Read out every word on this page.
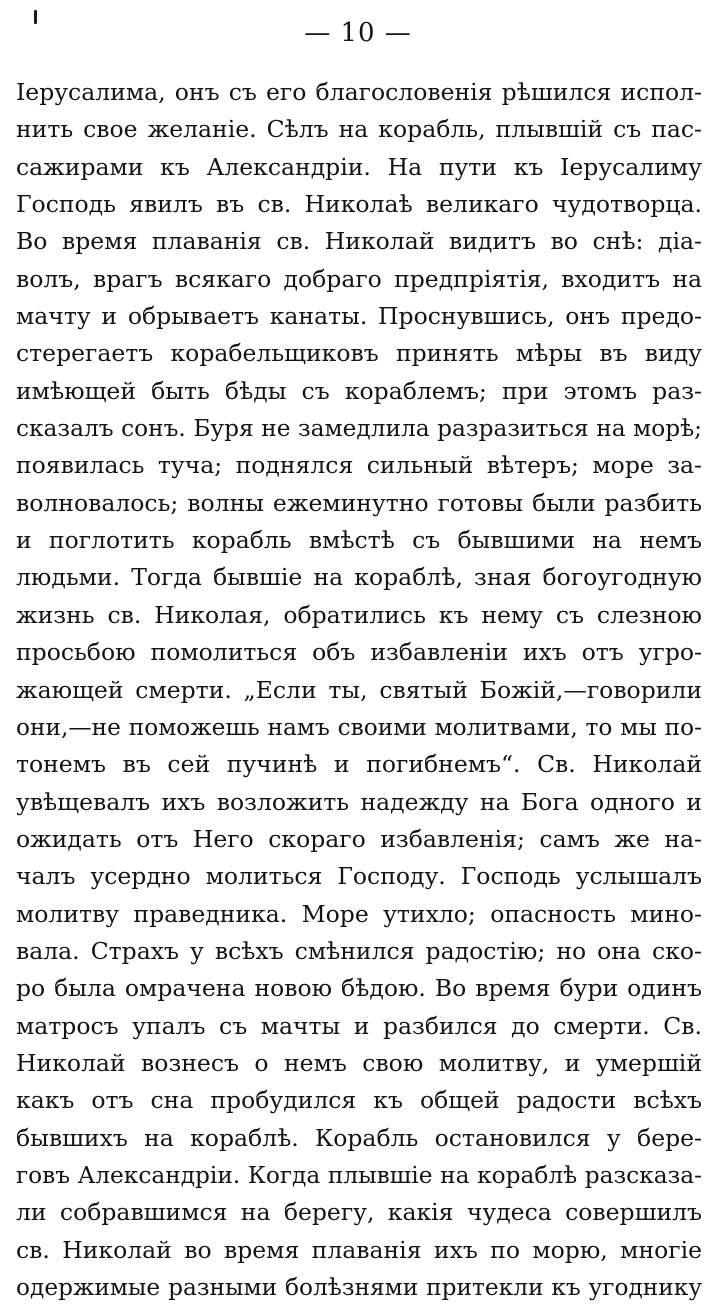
— 10 —
Іерусалима, онъ съ его благословенія рѣшился испол-
нить свое желаніе. Сѣлъ на корабль, плывшій съ пас-
сажирами къ Александріи. На пути къ Іерусалиму
Господь явилъ въ св. Николаѣ великаго чудотворца.
Во время плаванія св. Николай видитъ во снѣ: діа-
волъ, врагъ всякаго добраго предпріятія, входитъ на
мачту и обрываетъ канаты. Проснувшись, онъ предо-
стерегаетъ корабельщиковъ принять мѣры въ виду
имѣющей быть бѣды съ кораблемъ; при этомъ раз-
сказалъ сонъ. Буря не замедлила разразиться на морѣ;
появилась туча; поднялся сильный вѣтеръ; море за-
волновалось; волны ежеминутно готовы были разбить
и поглотить корабль вмѣстѣ съ бывшими на немъ
людьми. Тогда бывшіе на кораблѣ, зная богоугодную
жизнь св. Николая, обратились къ нему съ слезною
просьбою помолиться объ избавленіи ихъ отъ угро-
жающей смерти. „Если ты, святый Божій,—говорили
они,—не поможешь намъ своими молитвами, то мы по-
тонемъ въ сей пучинѣ и погибнемъ“. Св. Николай
увѣщевалъ ихъ возложить надежду на Бога одного и
ожидать отъ Него скораго избавленія; самъ же на-
чалъ усердно молиться Господу. Господь услышалъ
молитву праведника. Море утихло; опасность мино-
вала. Страхъ у всѣхъ смѣнился радостію; но она ско-
ро была омрачена новою бѣдою. Во время бури одинъ
матросъ упалъ съ мачты и разбился до смерти. Св.
Николай вознесъ о немъ свою молитву, и умершій
какъ отъ сна пробудился къ общей радости всѣхъ
бывшихъ на кораблѣ. Корабль остановился у бере-
говъ Александріи. Когда плывшіе на кораблѣ разсказа-
ли собравшимся на берегу, какія чудеса совершилъ
св. Николай во время плаванія ихъ по морю, многіе
одержимые разными болѣзнями притекли къ угоднику
